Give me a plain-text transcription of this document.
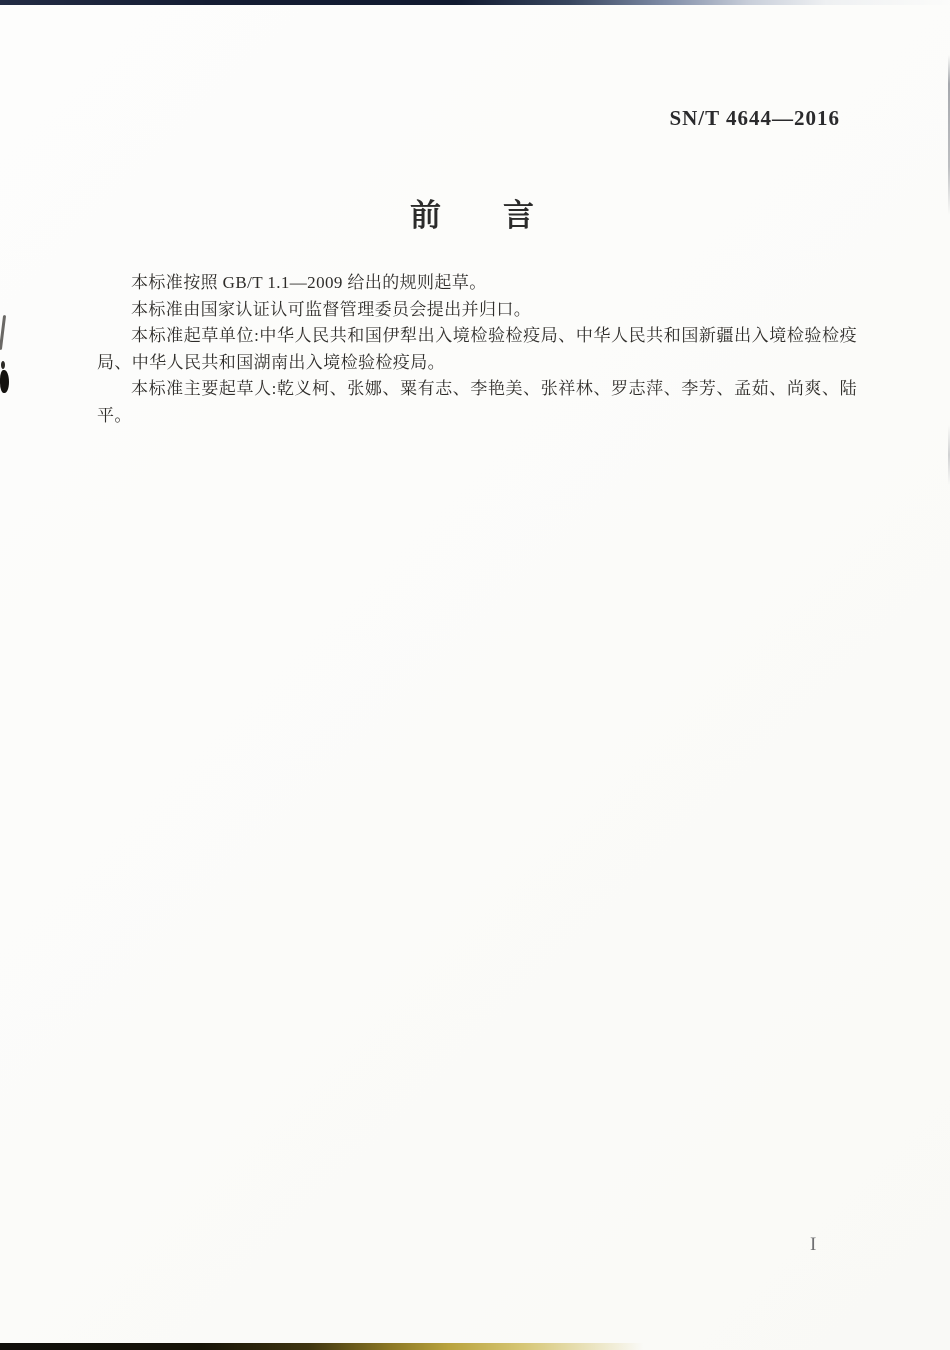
SN/T 4644—2016
前　　言

本标准按照 GB/T 1.1—2009 给出的规则起草。

本标准由国家认证认可监督管理委员会提出并归口。

本标准起草单位:中华人民共和国伊犁出入境检验检疫局、中华人民共和国新疆出入境检验检疫局、中华人民共和国湖南出入境检验检疫局。

本标准主要起草人:乾义柯、张娜、粟有志、李艳美、张祥林、罗志萍、李芳、孟茹、尚爽、陆平。

I
